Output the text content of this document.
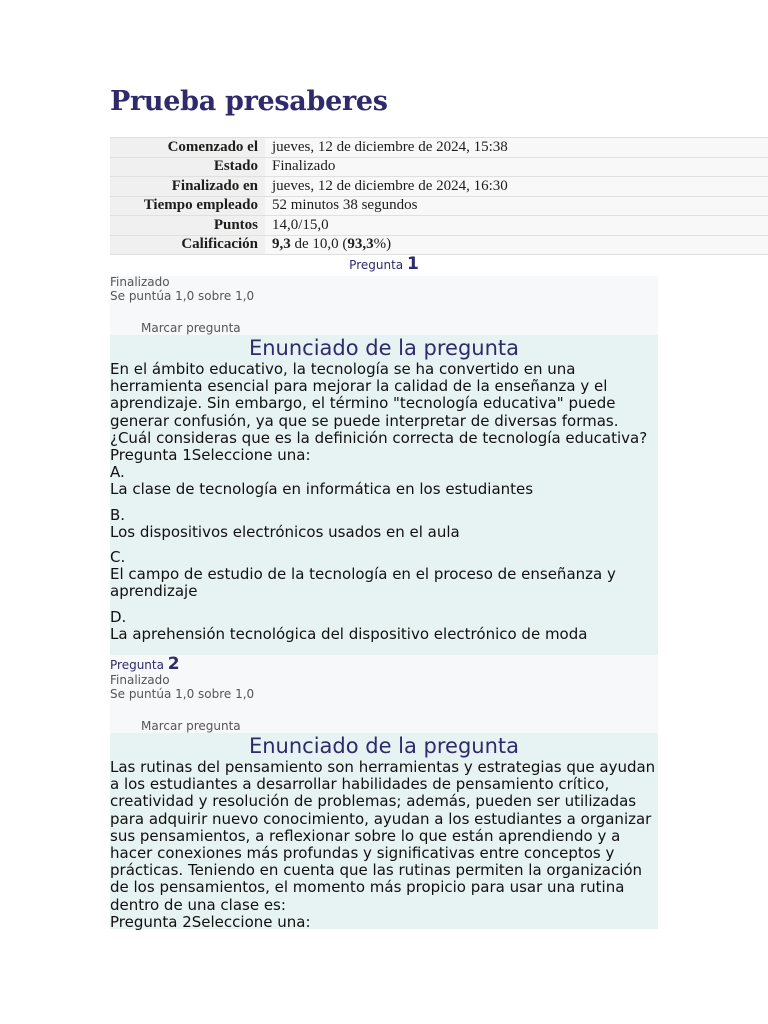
Prueba presaberes
Comenzado el	jueves, 12 de diciembre de 2024, 15:38
Estado	Finalizado
Finalizado en	jueves, 12 de diciembre de 2024, 16:30
Tiempo empleado	52 minutos 38 segundos
Puntos	14,0/15,0
Calificación	9,3 de 10,0 (93,3%)
Pregunta 1
Finalizado
Se puntúa 1,0 sobre 1,0
Marcar pregunta
Enunciado de la pregunta
En el ámbito educativo, la tecnología se ha convertido en una herramienta esencial para mejorar la calidad de la enseñanza y el aprendizaje. Sin embargo, el término "tecnología educativa" puede generar confusión, ya que se puede interpretar de diversas formas. ¿Cuál consideras que es la definición correcta de tecnología educativa?
Pregunta 1Seleccione una:
A.
La clase de tecnología en informática en los estudiantes
B.
Los dispositivos electrónicos usados en el aula
C.
El campo de estudio de la tecnología en el proceso de enseñanza y aprendizaje
D.
La aprehensión tecnológica del dispositivo electrónico de moda
Pregunta 2
Finalizado
Se puntúa 1,0 sobre 1,0
Marcar pregunta
Enunciado de la pregunta
Las rutinas del pensamiento son herramientas y estrategias que ayudan a los estudiantes a desarrollar habilidades de pensamiento crítico, creatividad y resolución de problemas; además, pueden ser utilizadas para adquirir nuevo conocimiento, ayudan a los estudiantes a organizar sus pensamientos, a reflexionar sobre lo que están aprendiendo y a hacer conexiones más profundas y significativas entre conceptos y prácticas. Teniendo en cuenta que las rutinas permiten la organización de los pensamientos, el momento más propicio para usar una rutina dentro de una clase es:
Pregunta 2Seleccione una:
